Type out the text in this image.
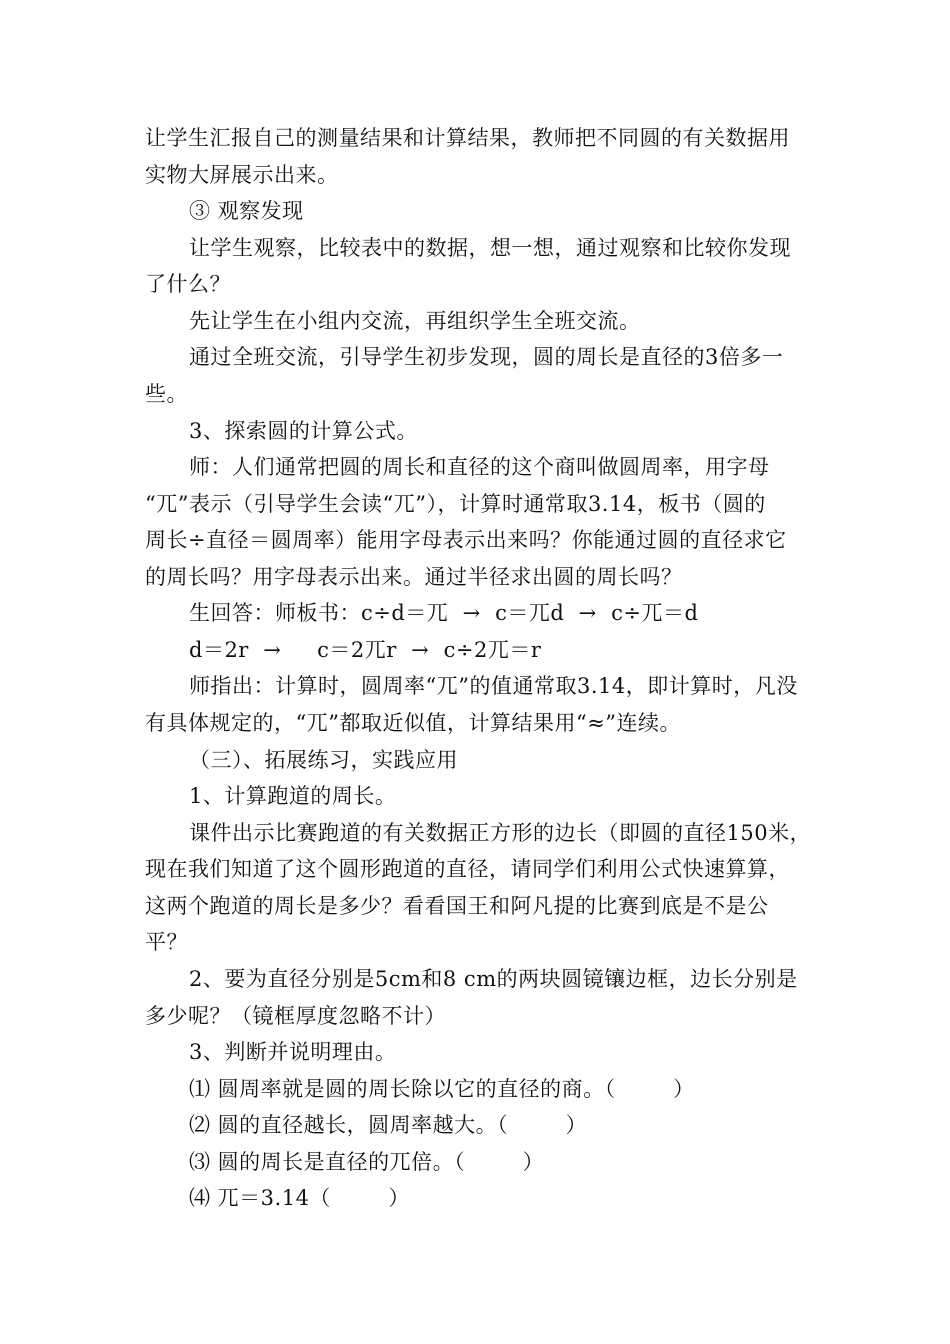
让学生汇报自己的测量结果和计算结果，教师把不同圆的有关数据用
实物大屏展示出来。
③ 观察发现
让学生观察，比较表中的数据，想一想，通过观察和比较你发现
了什么？
先让学生在小组内交流，再组织学生全班交流。
通过全班交流，引导学生初步发现，圆的周长是直径的3倍多一
些。
3、探索圆的计算公式。
师：人们通常把圆的周长和直径的这个商叫做圆周率，用字母
“兀”表示（引导学生会读“兀”），计算时通常取3.14，板书（圆的
周长÷直径＝圆周率）能用字母表示出来吗？你能通过圆的直径求它
的周长吗？用字母表示出来。通过半径求出圆的周长吗？
生回答：师板书：c÷d＝兀  →  c＝兀d  →  c÷兀＝d
d＝2r  →     c＝2兀r  →  c÷2兀＝r
师指出：计算时，圆周率“兀”的值通常取3.14，即计算时，凡没
有具体规定的，“兀”都取近似值，计算结果用“≈”连续。
（三）、拓展练习，实践应用
1、计算跑道的周长。
课件出示比赛跑道的有关数据正方形的边长（即圆的直径150米，
现在我们知道了这个圆形跑道的直径，请同学们利用公式快速算算，
这两个跑道的周长是多少？看看国王和阿凡提的比赛到底是不是公
平？
2、要为直径分别是5cm和8 cm的两块圆镜镶边框，边长分别是
多少呢？（镜框厚度忽略不计）
3、判断并说明理由。
⑴ 圆周率就是圆的周长除以它的直径的商。（        ）
⑵ 圆的直径越长，圆周率越大。（        ）
⑶ 圆的周长是直径的兀倍。（        ）
⑷ 兀＝3.14（        ）
